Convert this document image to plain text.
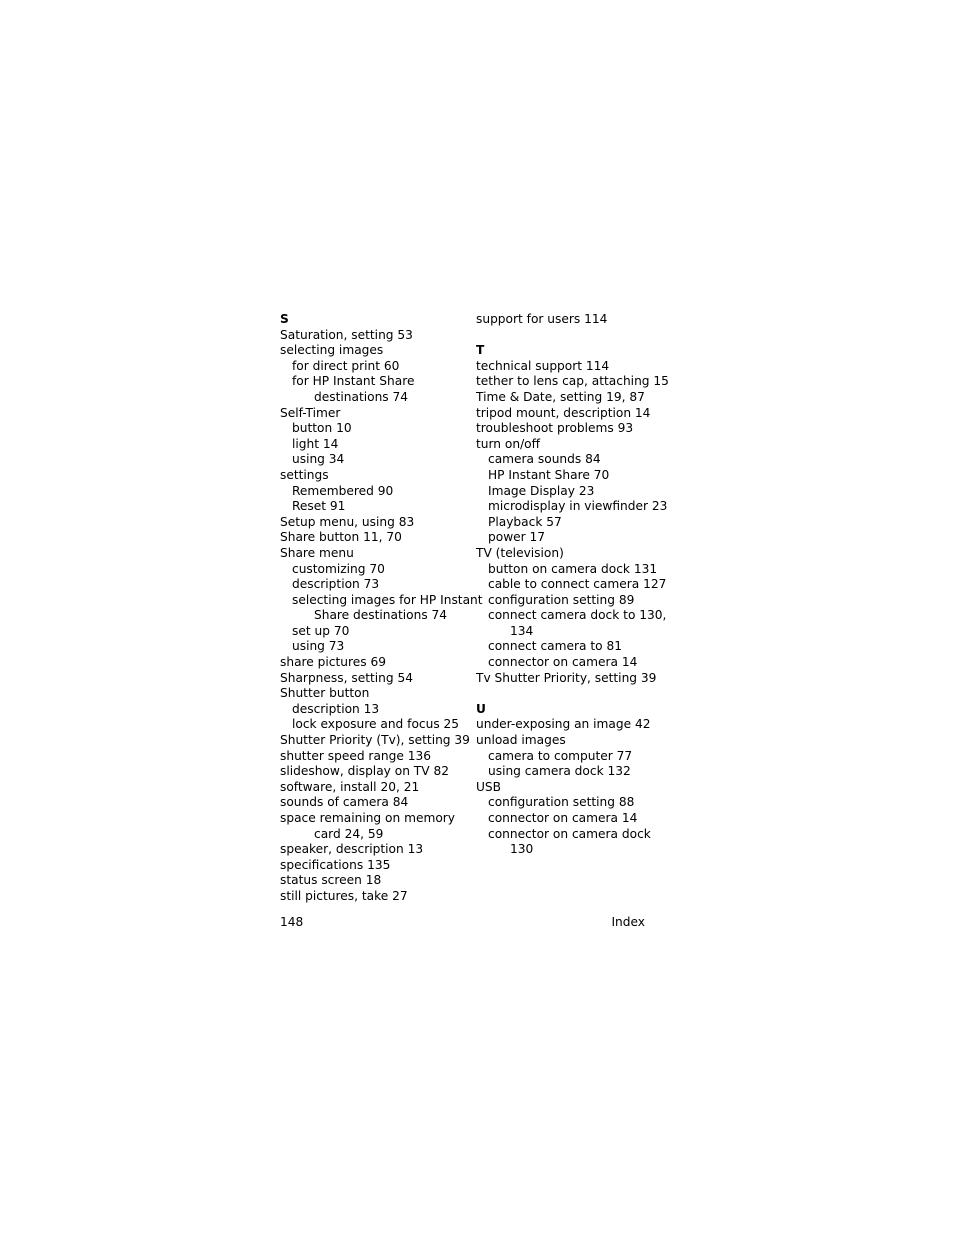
S
Saturation, setting 53
selecting images
for direct print 60
for HP Instant Share
destinations 74
Self-Timer
button 10
light 14
using 34
settings
Remembered 90
Reset 91
Setup menu, using 83
Share button 11, 70
Share menu
customizing 70
description 73
selecting images for HP Instant
Share destinations 74
set up 70
using 73
share pictures 69
Sharpness, setting 54
Shutter button
description 13
lock exposure and focus 25
Shutter Priority (Tv), setting 39
shutter speed range 136
slideshow, display on TV 82
software, install 20, 21
sounds of camera 84
space remaining on memory
card 24, 59
speaker, description 13
specifications 135
status screen 18
still pictures, take 27
support for users 114
T
technical support 114
tether to lens cap, attaching 15
Time & Date, setting 19, 87
tripod mount, description 14
troubleshoot problems 93
turn on/off
camera sounds 84
HP Instant Share 70
Image Display 23
microdisplay in viewfinder 23
Playback 57
power 17
TV (television)
button on camera dock 131
cable to connect camera 127
configuration setting 89
connect camera dock to 130,
134
connect camera to 81
connector on camera 14
Tv Shutter Priority, setting 39
U
under-exposing an image 42
unload images
camera to computer 77
using camera dock 132
USB
configuration setting 88
connector on camera 14
connector on camera dock
130
148	Index
